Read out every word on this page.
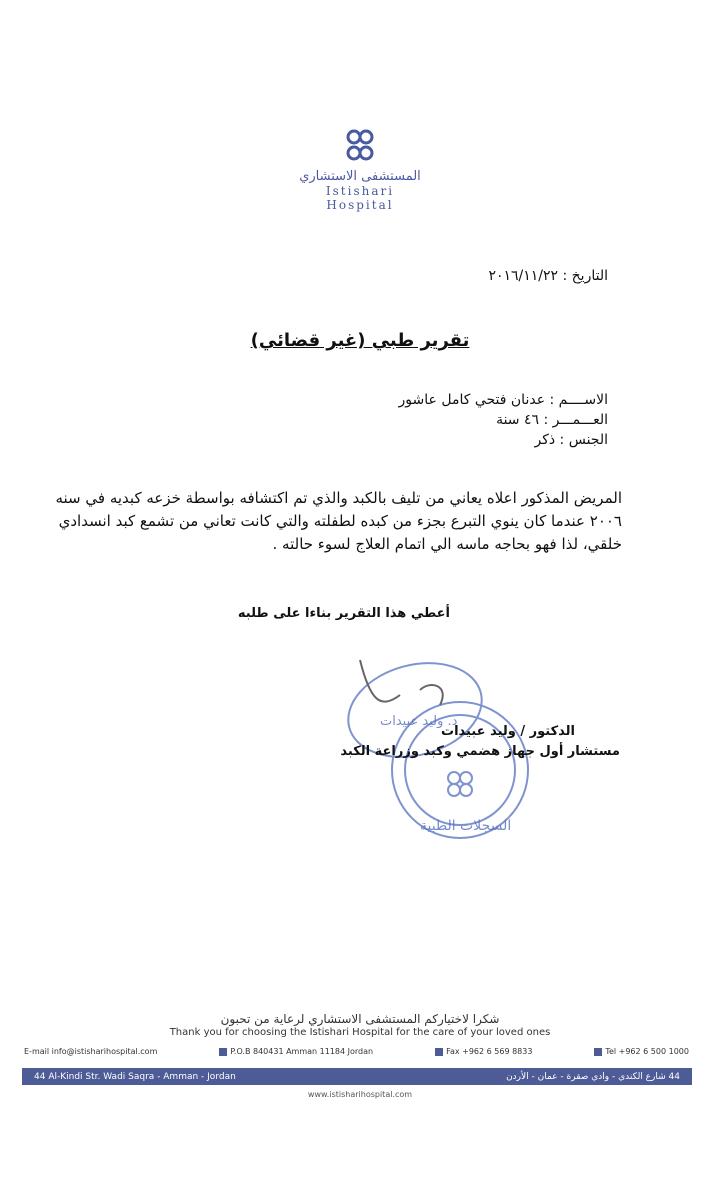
المستشفى الاستشاري
Istishari Hospital
التاريخ : ٢٠١٦/١١/٢٢
تقرير طبي (غير قضائي)
الاســــم : عدنان فتحي كامل عاشور
العـــمـــر : ٤٦ سنة
الجنس : ذكر
المريض المذكور اعلاه يعاني من تليف بالكبد والذي تم اكتشافه بواسطة خزعه كبديه في سنه ٢٠٠٦ عندما كان ينوي التبرع بجزء من كبده لطفلته والتي كانت تعاني من تشمع كبد انسدادي خلقي، لذا فهو بحاجه ماسه الي اتمام العلاج لسوء حالته .
أعطي هذا التقرير بناءا على طلبه
د. وليد عبيدات
السجلات الطبية
الدكتور / وليد عبيدات
مستشار أول جهاز هضمي وكبد وزراعة الكبد
شكرا لاختياركم المستشفى الاستشاري لرعاية من تحبون
Thank you for choosing the Istishari Hospital for the care of your loved ones
E-mail info@istisharihospital.com	P.O.B 840431 Amman 11184 Jordan	Fax +962 6 569 8833	Tel +962 6 500 1000
44 Al-Kindi Str. Wadi Saqra - Amman - Jordan	44 شارع الكندي - وادي صقرة - عمان - الأردن
www.istisharihospital.com
